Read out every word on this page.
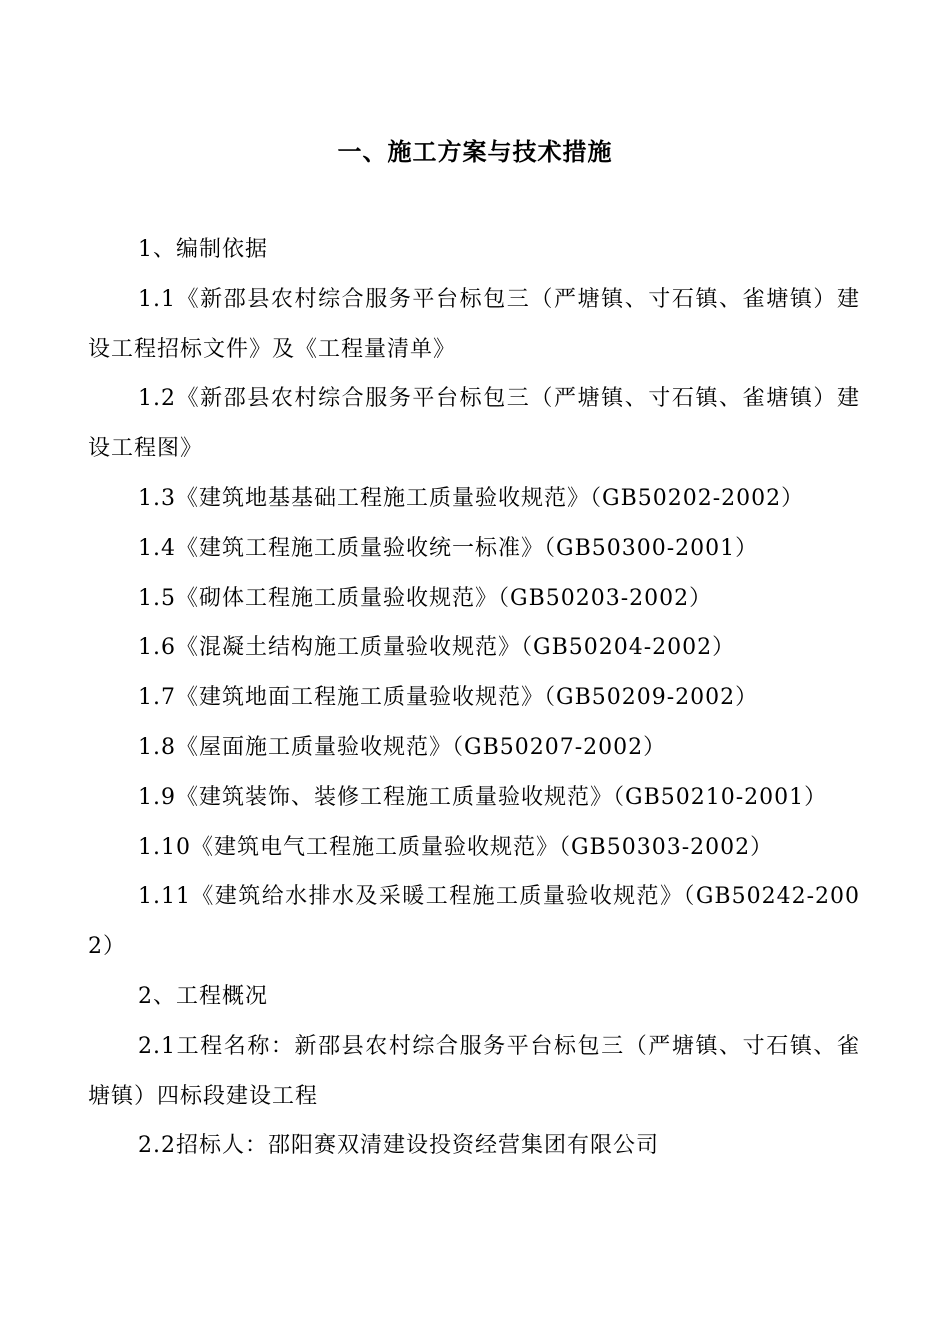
一、施工方案与技术措施

1、编制依据

1.1《新邵县农村综合服务平台标包三（严塘镇、寸石镇、雀塘镇）建设工程招标文件》及《工程量清单》

1.2《新邵县农村综合服务平台标包三（严塘镇、寸石镇、雀塘镇）建设工程图》

1.3《建筑地基基础工程施工质量验收规范》（GB50202-2002）

1.4《建筑工程施工质量验收统一标准》（GB50300-2001）

1.5《砌体工程施工质量验收规范》（GB50203-2002）

1.6《混凝土结构施工质量验收规范》（GB50204-2002）

1.7《建筑地面工程施工质量验收规范》（GB50209-2002）

1.8《屋面施工质量验收规范》（GB50207-2002）

1.9《建筑装饰、装修工程施工质量验收规范》（GB50210-2001）

1.10《建筑电气工程施工质量验收规范》（GB50303-2002）

1.11《建筑给水排水及采暖工程施工质量验收规范》（GB50242-2002）

2、工程概况

2.1工程名称：新邵县农村综合服务平台标包三（严塘镇、寸石镇、雀塘镇）四标段建设工程

2.2招标人：邵阳赛双清建设投资经营集团有限公司
